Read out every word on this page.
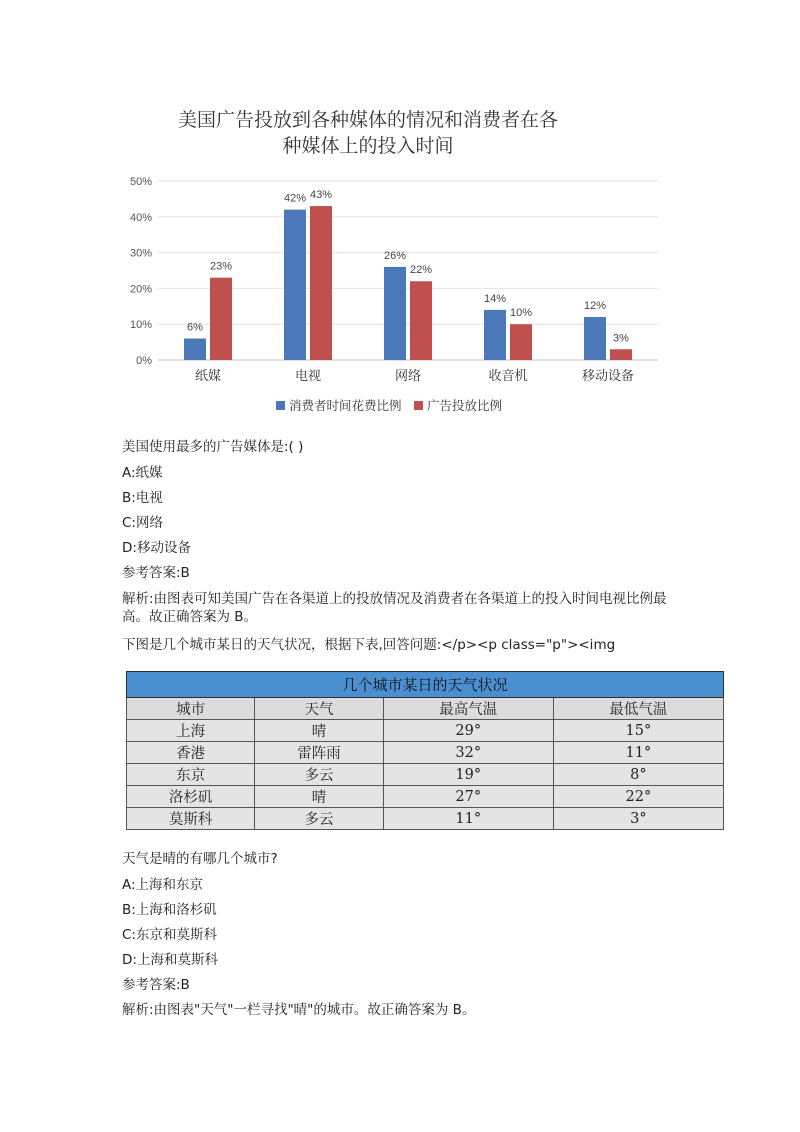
美国广告投放到各种媒体的情况和消费者在各
种媒体上的投入时间
0%
10%
20%
30%
40%
50%
6%
23%
纸媒
42% 43%
电视
26%
22%
网络
14%
10%
收音机
12%
3%
移动设备
消费者时间花费比例 广告投放比例
美国使用最多的广告媒体是:( )
A:纸媒
B:电视
C:网络
D:移动设备
参考答案:B
解析:由图表可知美国广告在各渠道上的投放情况及消费者在各渠道上的投入时间电视比例最高。故正确答案为 B。
下图是几个城市某日的天气状况，根据下表,回答问题:</p><p class="p"><img
几个城市某日的天气状况			
城市	天气	最高气温	最低气温
上海	晴	29°	15°
香港	雷阵雨	32°	11°
东京	多云	19°	8°
洛杉矶	晴	27°	22°
莫斯科	多云	11°	3°
天气是晴的有哪几个城市?
A:上海和东京
B:上海和洛杉矶
C:东京和莫斯科
D:上海和莫斯科
参考答案:B
解析:由图表"天气"一栏寻找"晴"的城市。故正确答案为 B。
